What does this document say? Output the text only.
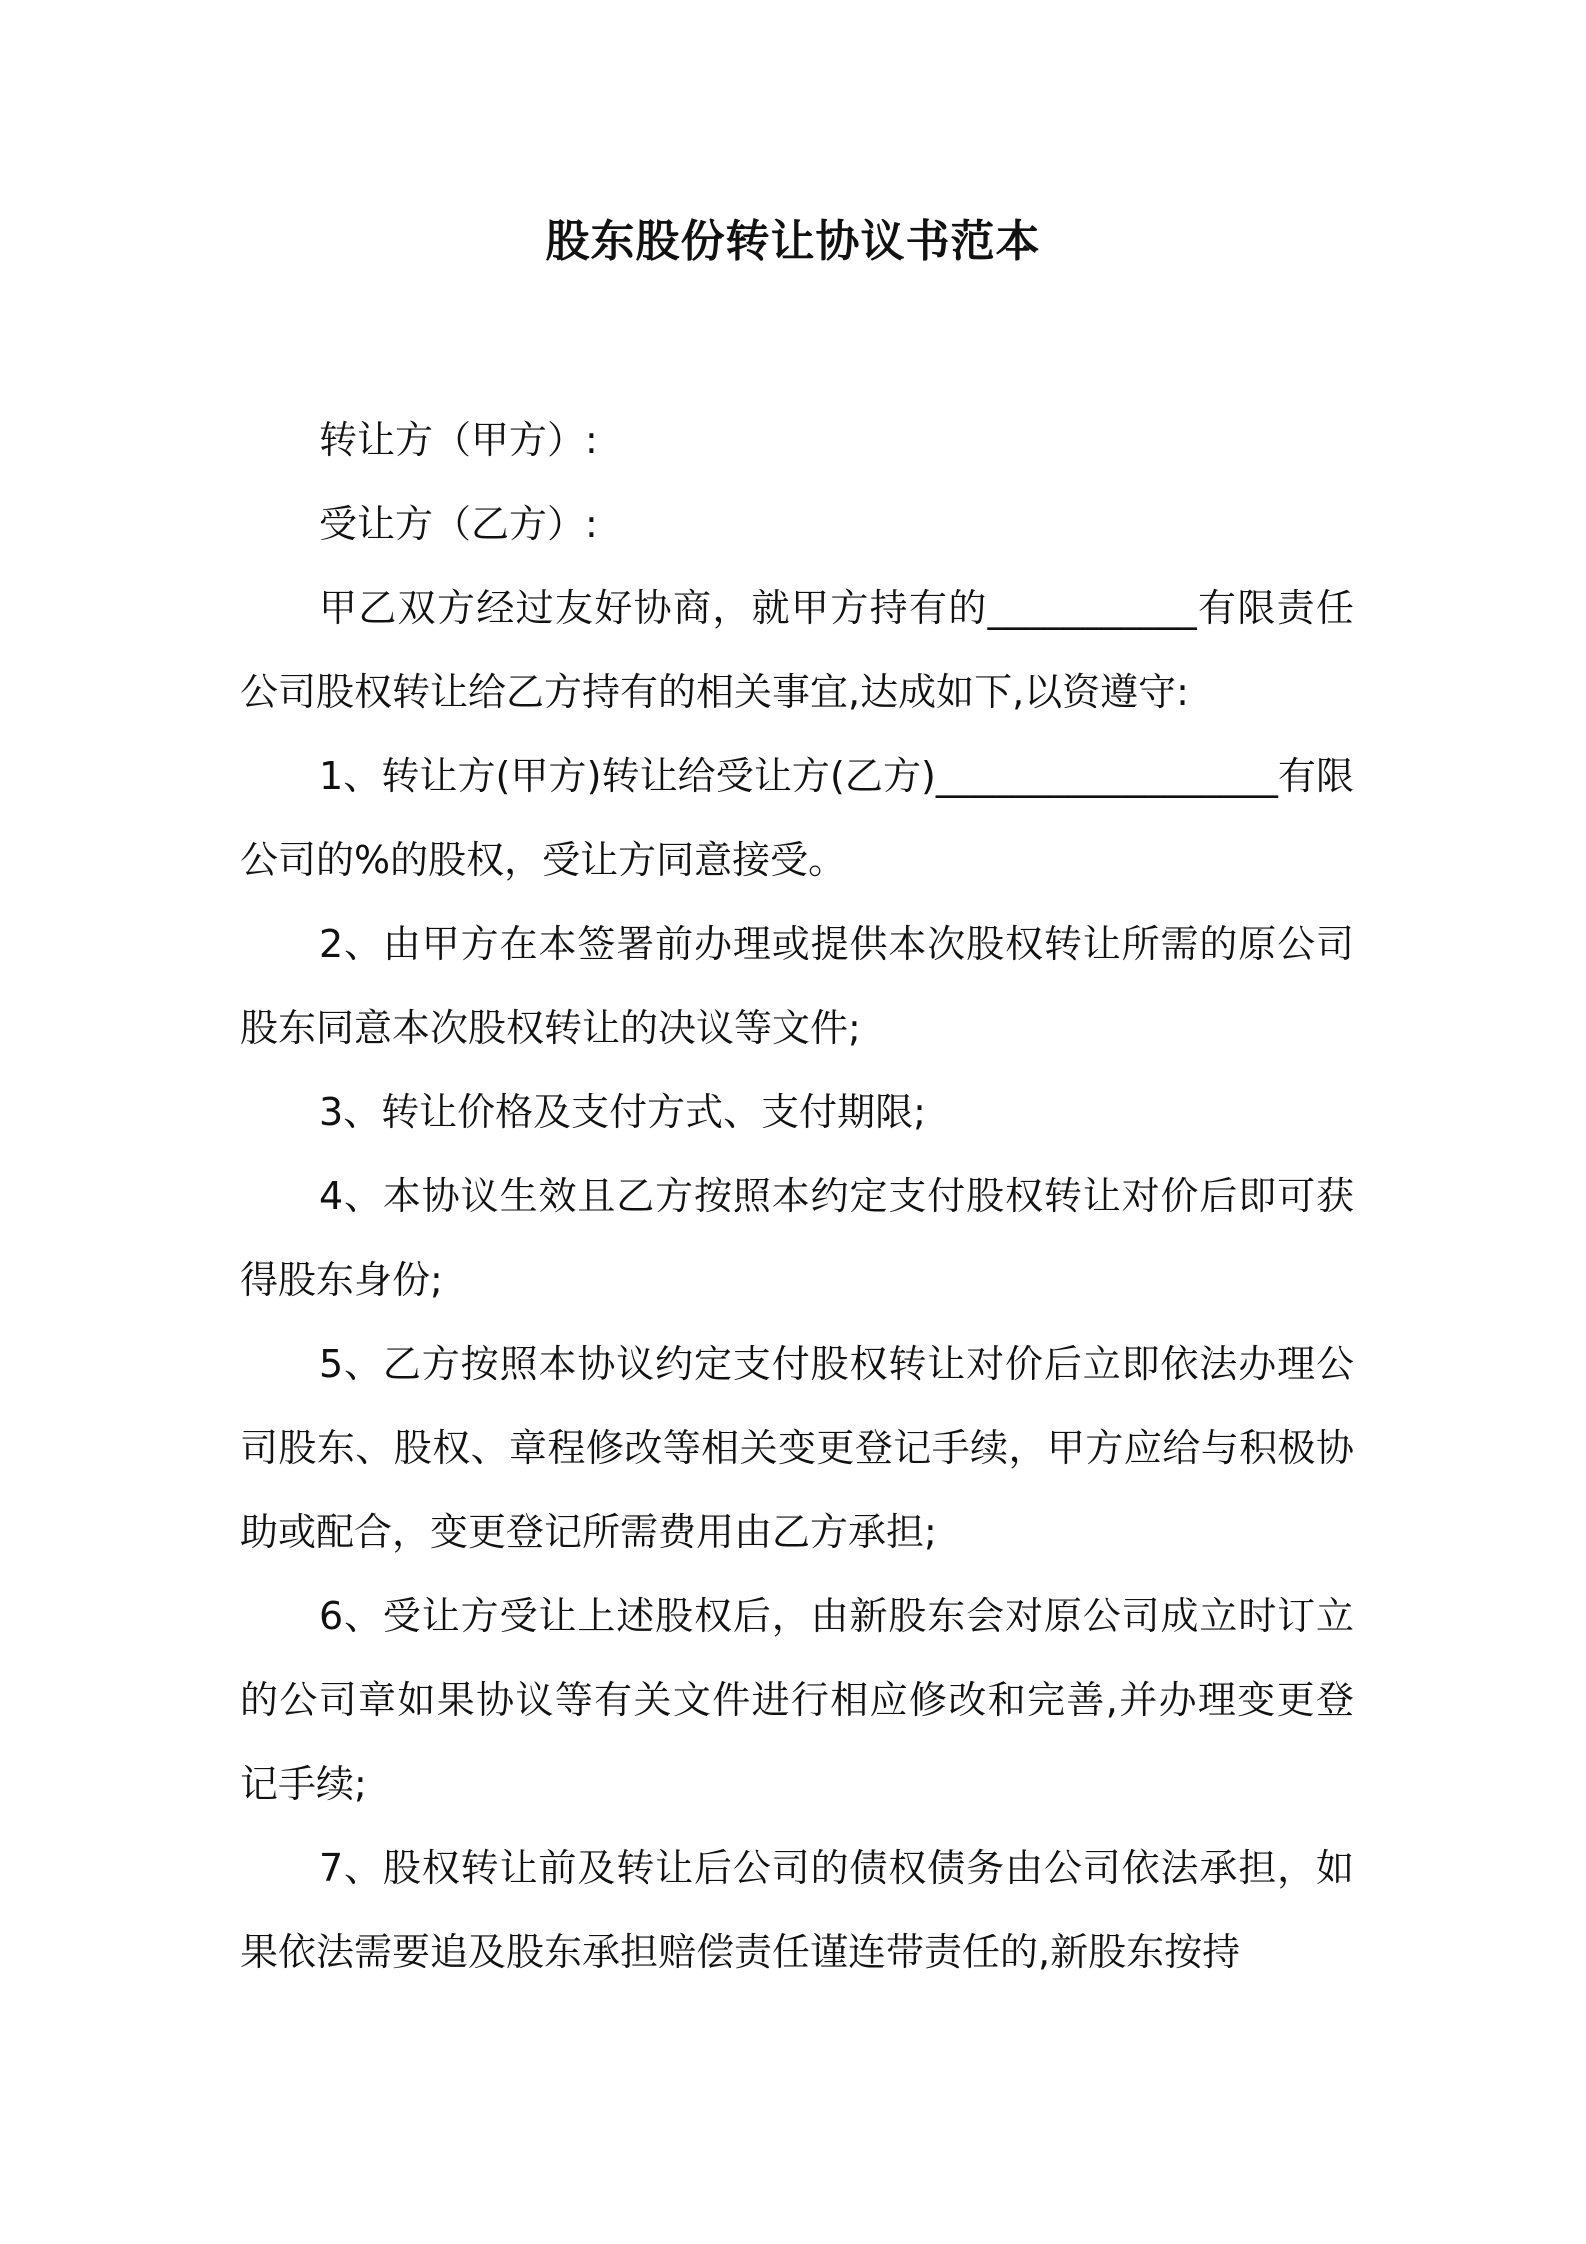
股东股份转让协议书范本

转让方（甲方）:

受让方（乙方）:

甲乙双方经过友好协商，就甲方持有的___________有限责任公司股权转让给乙方持有的相关事宜,达成如下,以资遵守:

1、转让方(甲方)转让给受让方(乙方)__________________有限公司的%的股权，受让方同意接受。

2、由甲方在本签署前办理或提供本次股权转让所需的原公司股东同意本次股权转让的决议等文件;

3、转让价格及支付方式、支付期限;

4、本协议生效且乙方按照本约定支付股权转让对价后即可获得股东身份;

5、乙方按照本协议约定支付股权转让对价后立即依法办理公司股东、股权、章程修改等相关变更登记手续，甲方应给与积极协助或配合，变更登记所需费用由乙方承担;

6、受让方受让上述股权后，由新股东会对原公司成立时订立的公司章如果协议等有关文件进行相应修改和完善,并办理变更登记手续;

7、股权转让前及转让后公司的债权债务由公司依法承担，如果依法需要追及股东承担赔偿责任谨连带责任的,新股东按持
